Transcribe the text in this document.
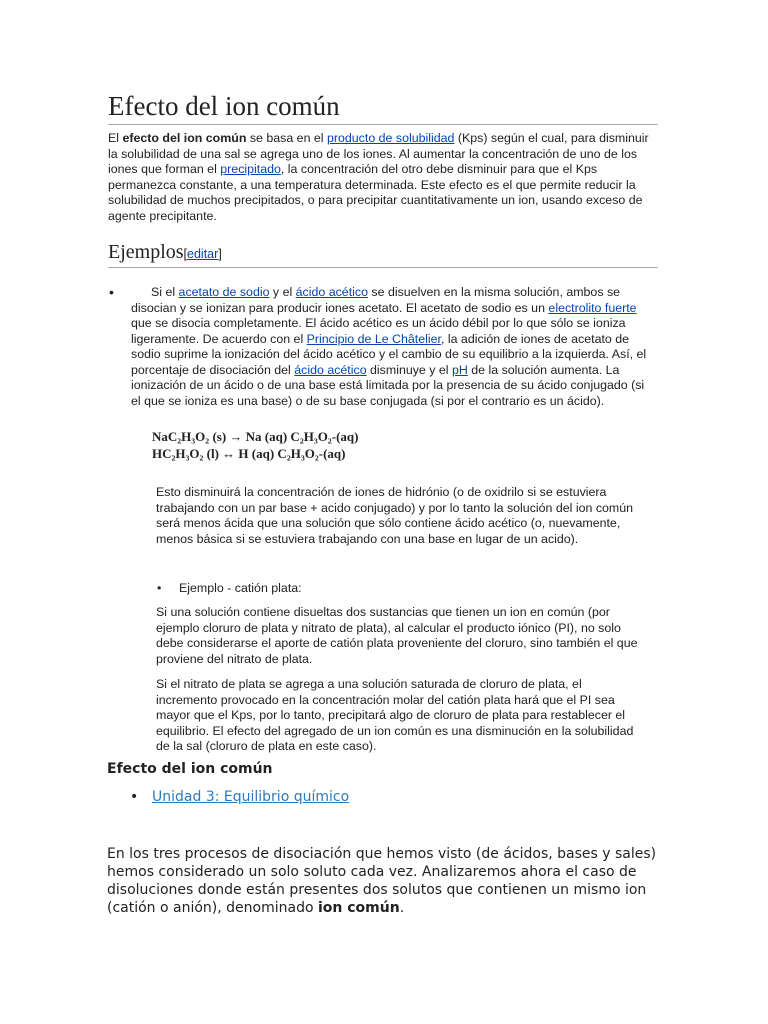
Efecto del ion común
El efecto del ion común se basa en el producto de solubilidad (Kps) según el cual, para disminuir la solubilidad de una sal se agrega uno de los iones. Al aumentar la concentración de uno de los iones que forman el precipitado, la concentración del otro debe disminuir para que el Kps permanezca constante, a una temperatura determinada. Este efecto es el que permite reducir la solubilidad de muchos precipitados, o para precipitar cuantitativamente un ion, usando exceso de agente precipitante.
Ejemplos[editar]
•	Si el acetato de sodio y el ácido acético se disuelven en la misma solución, ambos se disocian y se ionizan para producir iones acetato. El acetato de sodio es un electrolito fuerte que se disocia completamente. El ácido acético es un ácido débil por lo que sólo se ioniza ligeramente. De acuerdo con el Principio de Le Châtelier, la adición de iones de acetato de sodio suprime la ionización del ácido acético y el cambio de su equilibrio a la izquierda. Así, el porcentaje de disociación del ácido acético disminuye y el pH de la solución aumenta. La ionización de un ácido o de una base está limitada por la presencia de su ácido conjugado (si el que se ioniza es una base) o de su base conjugada (si por el contrario es un ácido).
NaC₂H₃O₂ (s) → Na (aq) C₂H₃O₂-(aq)
HC₂H₃O₂ (l) ↔ H (aq) C₂H₃O₂-(aq)
Esto disminuirá la concentración de iones de hidrónio (o de oxidrilo si se estuviera trabajando con un par base + acido conjugado) y por lo tanto la solución del ion común será menos ácida que una solución que sólo contiene ácido acético (o, nuevamente, menos básica si se estuviera trabajando con una base en lugar de un acido).
• Ejemplo - catión plata:
Si una solución contiene disueltas dos sustancias que tienen un ion en común (por ejemplo cloruro de plata y nitrato de plata), al calcular el producto iónico (PI), no solo debe considerarse el aporte de catión plata proveniente del cloruro, sino también el que proviene del nitrato de plata.
Si el nitrato de plata se agrega a una solución saturada de cloruro de plata, el incremento provocado en la concentración molar del catión plata hará que el PI sea mayor que el Kps, por lo tanto, precipitará algo de cloruro de plata para restablecer el equilibrio. El efecto del agregado de un ion común es una disminución en la solubilidad de la sal (cloruro de plata en este caso).
Efecto del ion común
• Unidad 3: Equilibrio químico
En los tres procesos de disociación que hemos visto (de ácidos, bases y sales) hemos considerado un solo soluto cada vez. Analizaremos ahora el caso de disoluciones donde están presentes dos solutos que contienen un mismo ion (catión o anión), denominado ion común.
